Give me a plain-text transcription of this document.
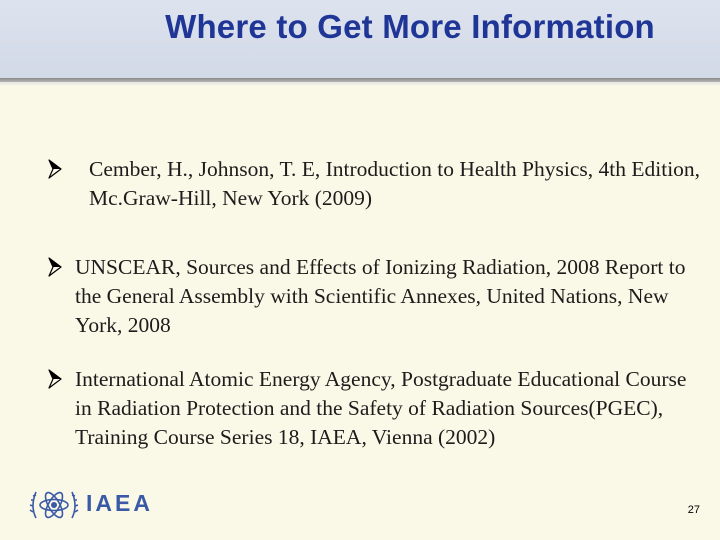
Where to Get More Information
Cember, H., Johnson, T. E, Introduction to Health Physics, 4th Edition, Mc.Graw-Hill, New York (2009)
UNSCEAR, Sources and Effects of Ionizing Radiation, 2008 Report to the General Assembly with Scientific Annexes, United Nations, New York, 2008
International Atomic Energy Agency, Postgraduate Educational Course in Radiation Protection and the Safety of Radiation Sources(PGEC), Training Course Series 18, IAEA, Vienna (2002)
IAEA	27
